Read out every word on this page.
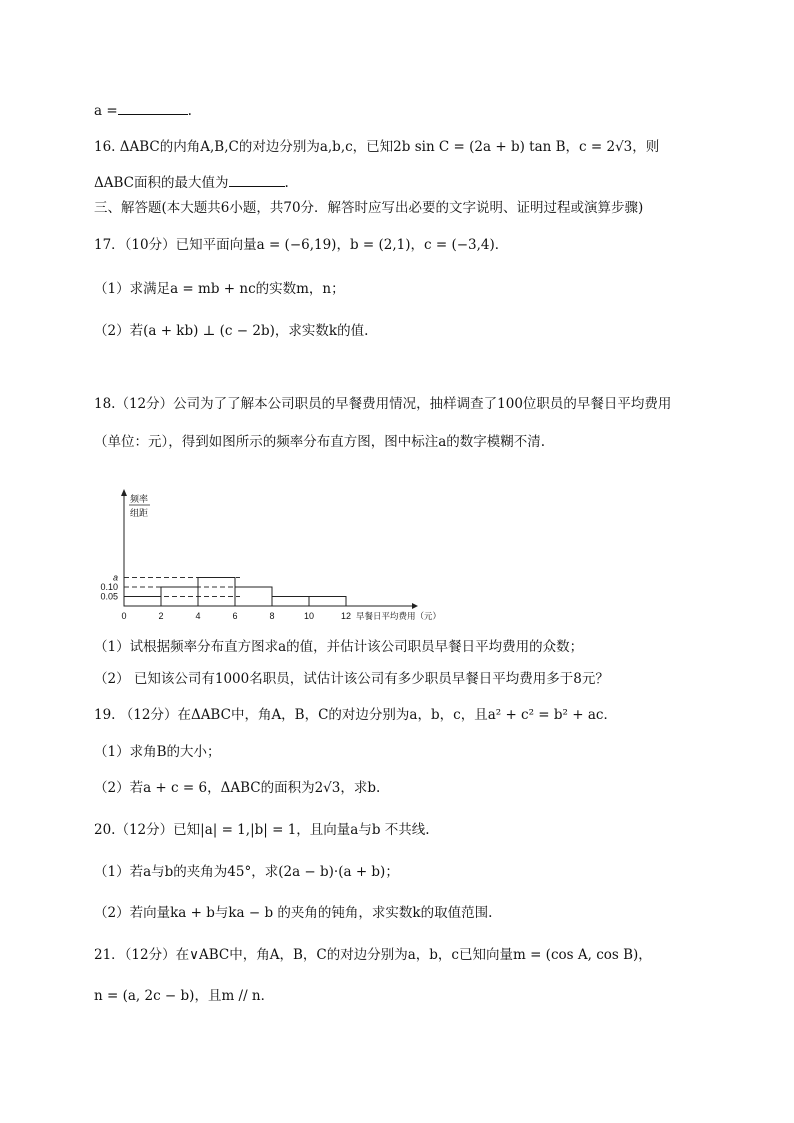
a =	.
16. ΔABC的内角A,B,C的对边分别为a,b,c，已知2b sin C = (2a + b) tan B，c = 2√3，则
ΔABC面积的最大值为	.
三、解答题(本大题共6小题，共70分．解答时应写出必要的文字说明、证明过程或演算步骤)
17．（10分）已知平面向量a = (−6,19)，b = (2,1)，c = (−3,4)．
（1）求满足a = mb + nc的实数m，n；
（2）若(a + kb) ⊥ (c − 2b)，求实数k的值.
18.（12分）公司为了了解本公司职员的早餐费用情况，抽样调查了100位职员的早餐日平均费用
（单位：元），得到如图所示的频率分布直方图，图中标注a的数字模糊不清.
（1）试根据频率分布直方图求a的值，并估计该公司职员早餐日平均费用的众数；
（2） 已知该公司有1000名职员，试估计该公司有多少职员早餐日平均费用多于8元？
19. （12分）在ΔABC中，角A，B，C的对边分别为a，b，c，且a² + c² = b² + ac．
（1）求角B的大小；
（2）若a + c = 6，ΔABC的面积为2√3，求b.
20.（12分）已知|a| = 1,|b| = 1，且向量a与b 不共线.
（1）若a与b的夹角为45°，求(2a − b)·(a + b)；
（2）若向量ka + b与ka − b 的夹角的钝角，求实数k的取值范围.
21．（12分）在∨ABC中，角A，B，C的对边分别为a，b，c已知向量m = (cos A, cos B)，
n = (a, 2c − b)，且m // n．
0.05
0.10
a
0	2	4	6	8	10	12
频率
组距
早餐日平均费用（元）
